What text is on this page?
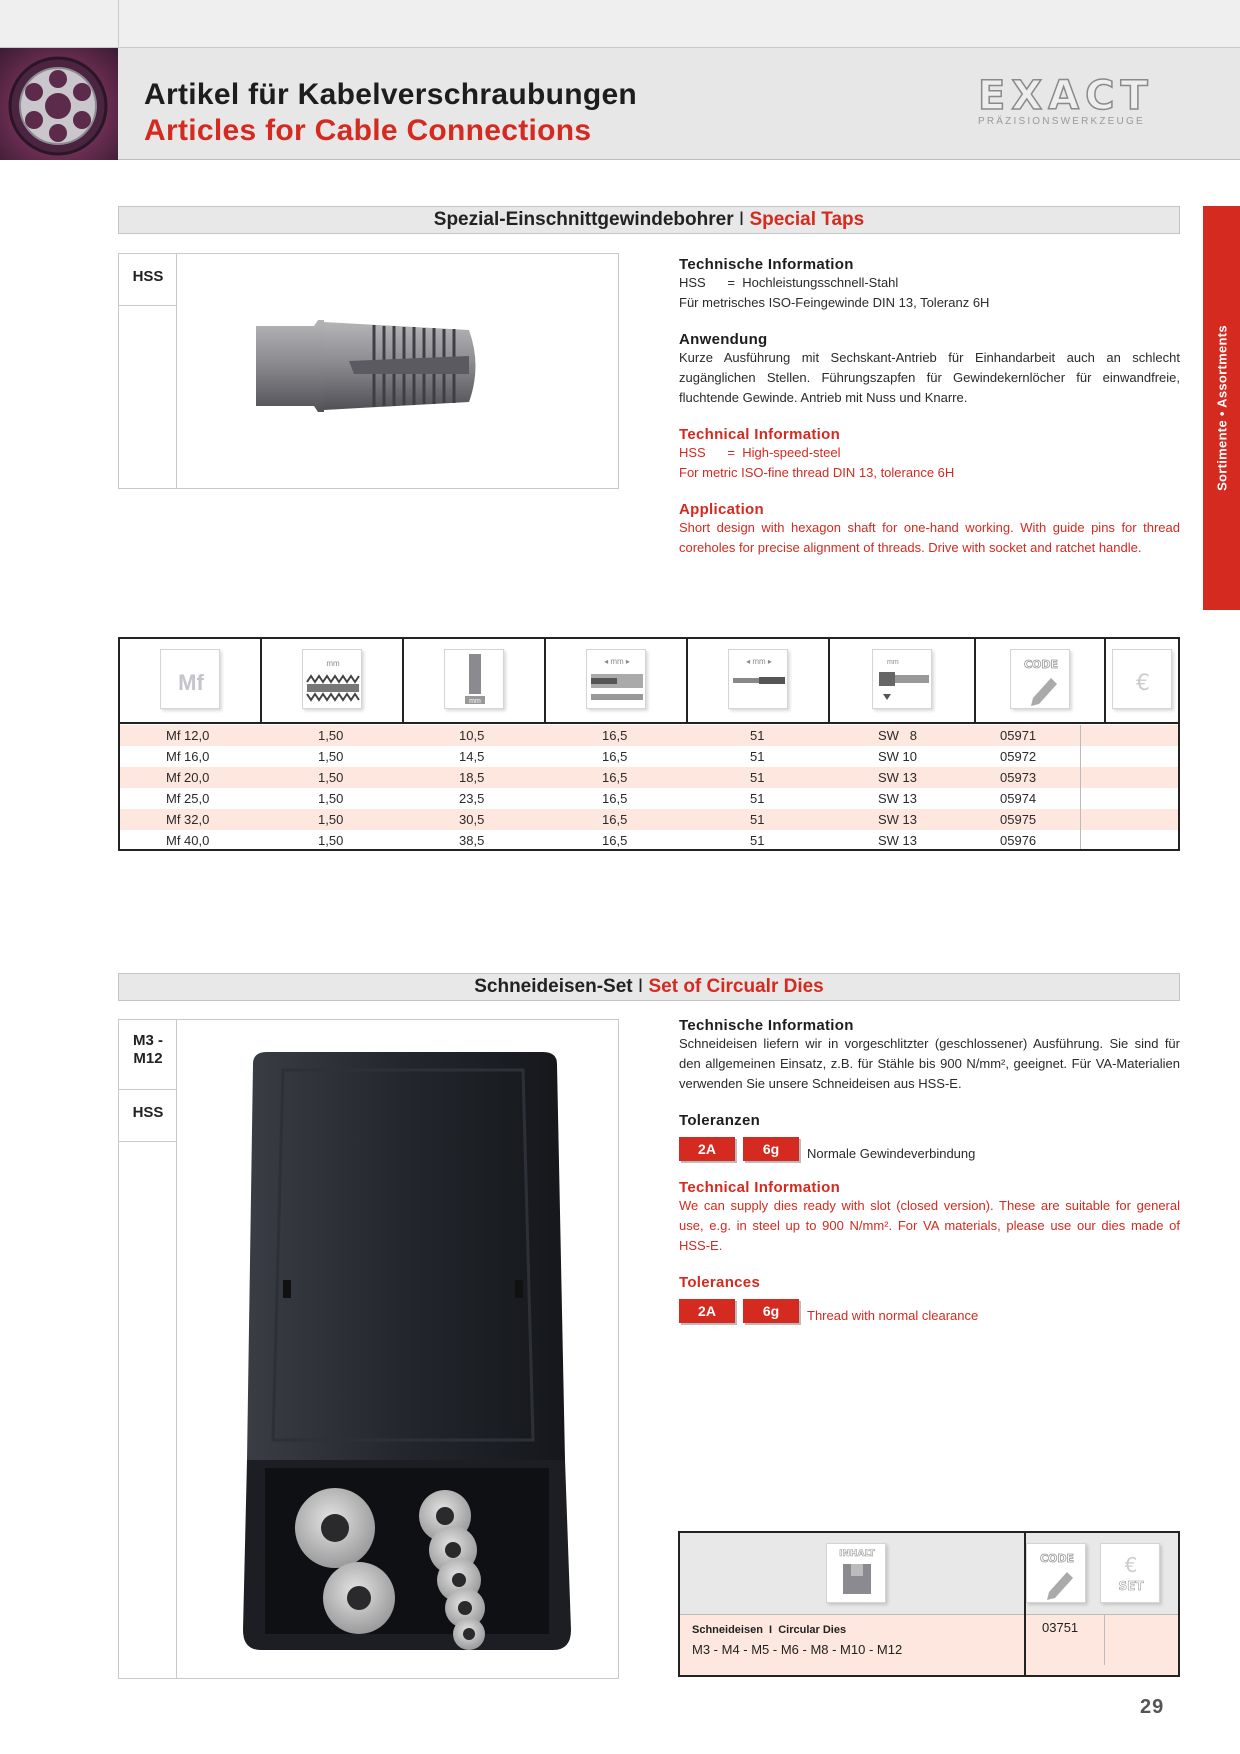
Artikel für Kabelverschraubungen
Articles for Cable Connections
EXACT
PRÄZISIONSWERKZEUGE
Sortimente • Assortments
Spezial-Einschnittgewindebohrer I Special Taps
HSS
Technische Information
HSS      =  Hochleistungsschnell-Stahl
Für metrisches ISO-Feingewinde DIN 13, Toleranz 6H
Anwendung
Kurze Ausführung mit Sechskant-Antrieb für Einhandarbeit auch an schlecht zugänglichen Stellen. Führungszapfen für Gewindekernlöcher für einwandfreie, fluchtende Gewinde. Antrieb mit Nuss und Knarre.
Technical Information
HSS      =  High-speed-steel
For metric ISO-fine thread DIN 13, tolerance 6H
Application
Short design with hexagon shaft for one-hand working. With guide pins for thread coreholes for precise alignment of threads. Drive with socket and ratchet handle.
Mf
mm
mm
◂ mm ▸	◂ mm ▸	mm	CODE
€
Mf 12,0	1,50	10,5	16,5	51	SW   8	05971
Mf 16,0	1,50	14,5	16,5	51	SW 10	05972
Mf 20,0	1,50	18,5	16,5	51	SW 13	05973
Mf 25,0	1,50	23,5	16,5	51	SW 13	05974
Mf 32,0	1,50	30,5	16,5	51	SW 13	05975
Mf 40,0	1,50	38,5	16,5	51	SW 13	05976
Schneideisen-Set I Set of Circualr Dies
M3 - M12
HSS
Technische Information
Schneideisen liefern wir in vorgeschlitzter (geschlossener) Ausführung. Sie sind für den allgemeinen Einsatz, z.B. für Stähle bis 900 N/mm², geeignet. Für VA-Materialien verwenden Sie unsere Schneideisen aus HSS-E.
Toleranzen
2A	6g	Normale Gewindeverbindung
Technical Information
We can supply dies ready with slot (closed version). These are suitable for general use, e.g. in steel up to 900 N/mm². For VA materials, please use our dies made of HSS-E.
Tolerances
2A	6g	Thread with normal clearance
INHALT	CODE	€
SET
Schneideisen  I  Circular Dies
M3 - M4 - M5 - M6 - M8 - M10 - M12
03751
29
